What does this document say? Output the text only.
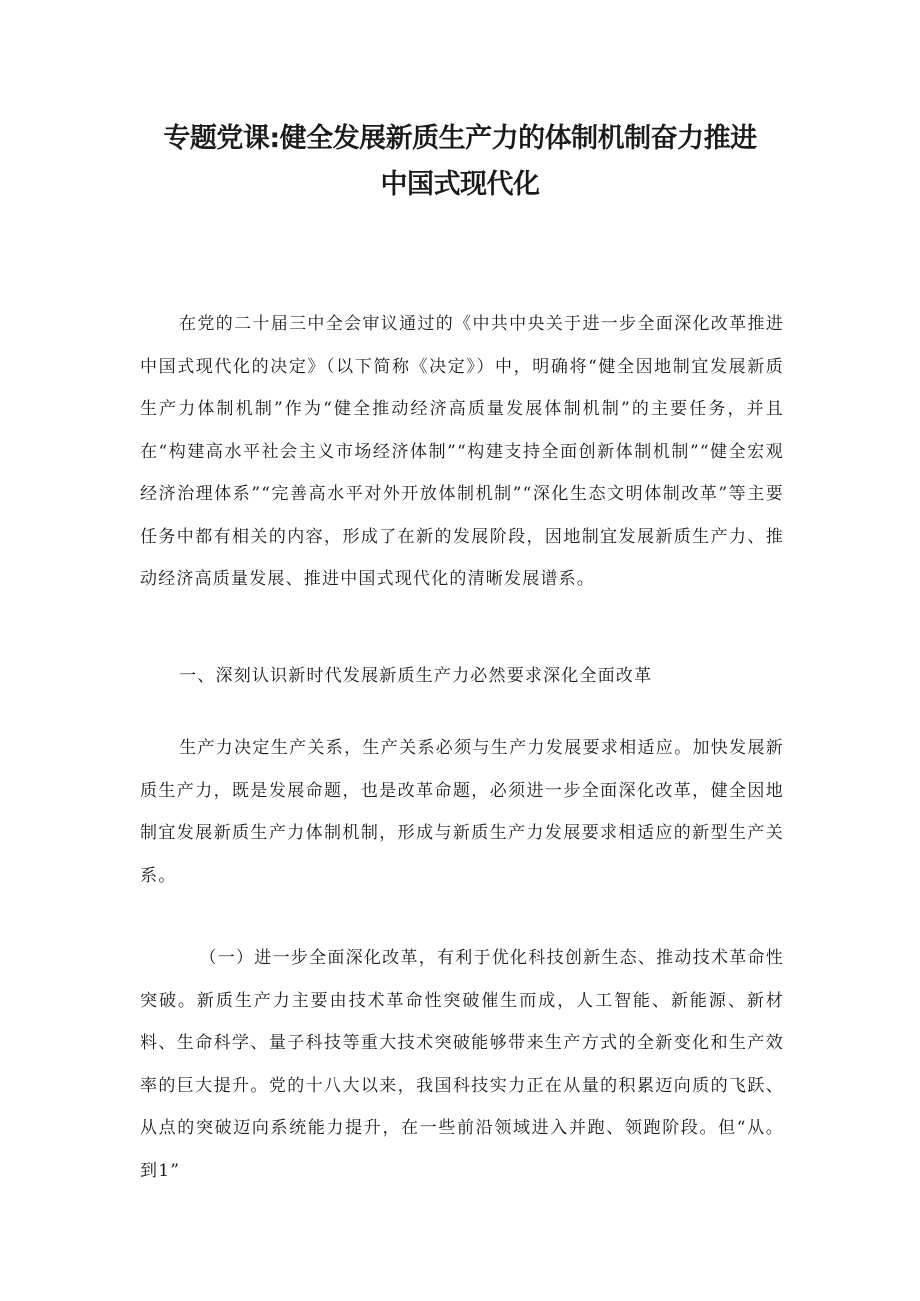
专题党课:健全发展新质生产力的体制机制奋力推进
中国式现代化

在党的二十届三中全会审议通过的《中共中央关于进一步全面深化改革推进中国式现代化的决定》（以下简称《决定》）中，明确将“健全因地制宜发展新质生产力体制机制”作为“健全推动经济高质量发展体制机制”的主要任务，并且在“构建高水平社会主义市场经济体制”“构建支持全面创新体制机制”“健全宏观经济治理体系”“完善高水平对外开放体制机制”“深化生态文明体制改革”等主要任务中都有相关的内容，形成了在新的发展阶段，因地制宜发展新质生产力、推动经济高质量发展、推进中国式现代化的清晰发展谱系。

一、深刻认识新时代发展新质生产力必然要求深化全面改革

生产力决定生产关系，生产关系必须与生产力发展要求相适应。加快发展新质生产力，既是发展命题，也是改革命题，必须进一步全面深化改革，健全因地制宜发展新质生产力体制机制，形成与新质生产力发展要求相适应的新型生产关系。

（一）进一步全面深化改革，有利于优化科技创新生态、推动技术革命性突破。新质生产力主要由技术革命性突破催生而成，人工智能、新能源、新材料、生命科学、量子科技等重大技术突破能够带来生产方式的全新变化和生产效率的巨大提升。党的十八大以来，我国科技实力正在从量的积累迈向质的飞跃、从点的突破迈向系统能力提升，在一些前沿领域进入并跑、领跑阶段。但“从。到1”
